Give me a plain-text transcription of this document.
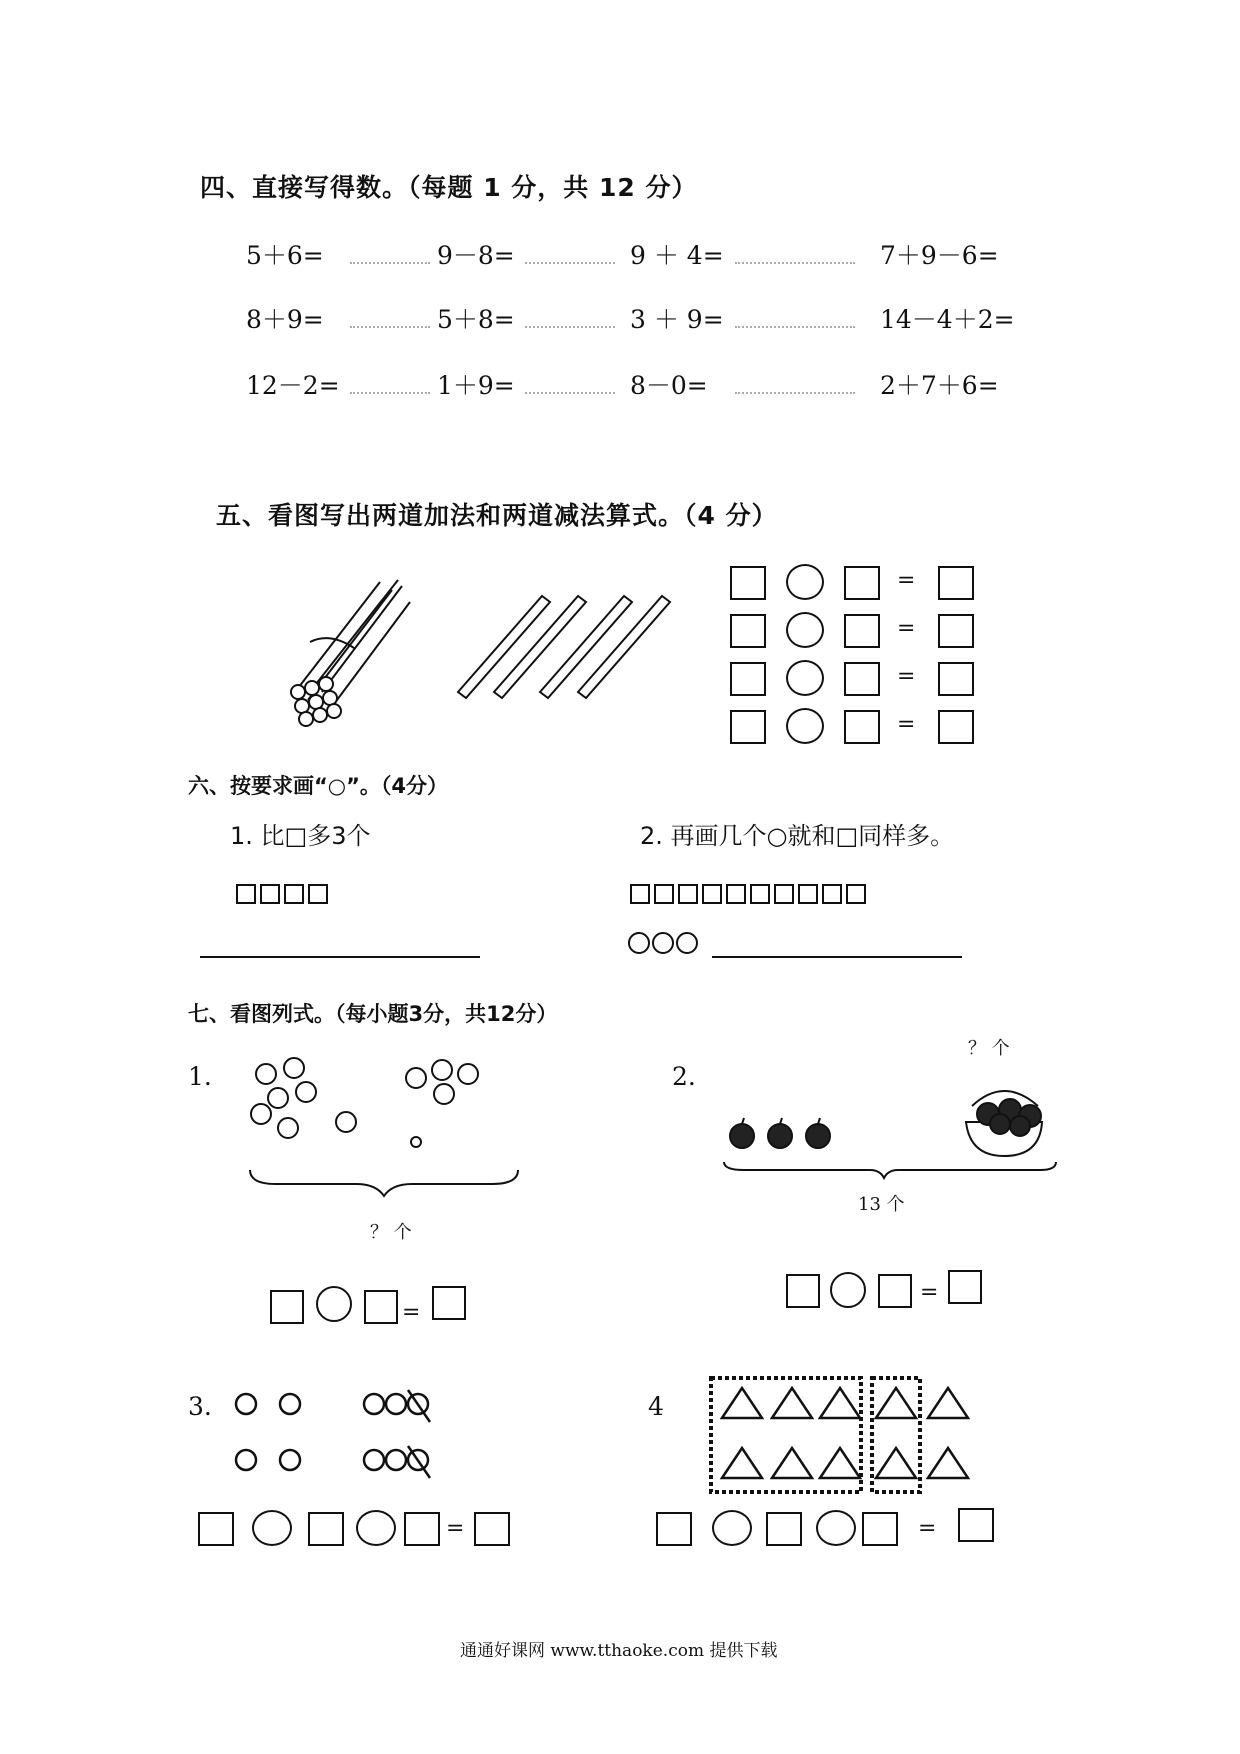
四、直接写得数。（每题 1 分，共 12 分）
5＋6=	9－8=	9 ＋ 4=	7＋9－6=
8＋9=	5＋8=	3 ＋ 9=	14－4＋2=
12－2=	1＋9=	8－0=	2＋7＋6=
五、看图写出两道加法和两道减法算式。（4 分）
=
=
=
=
六、按要求画“○”。（4分）
1. 比□多3个	2. 再画几个○就和□同样多。
七、看图列式。（每小题3分，共12分）
1.
？ 个
=
2.
？ 个
13 个
=
3.
=
4
=
通通好课网 www.tthaoke.com 提供下载
